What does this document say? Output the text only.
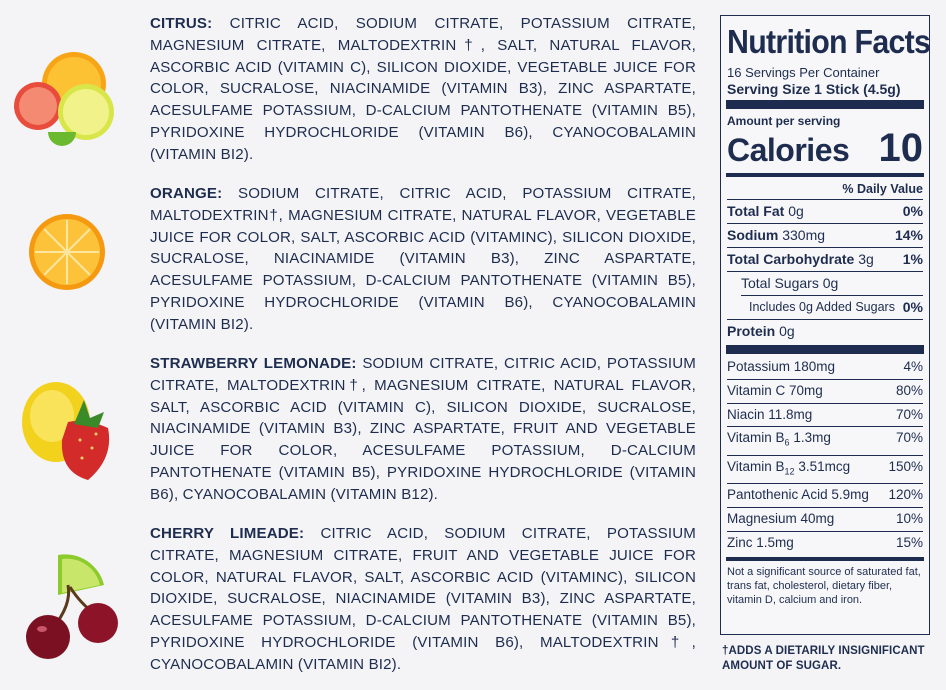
CITRUS: CITRIC ACID, SODIUM CITRATE, POTASSIUM CITRATE, MAGNESIUM CITRATE, MALTODEXTRIN†, SALT, NATURAL FLAVOR, ASCORBIC ACID (VITAMIN C), SILICON DIOXIDE, VEGETABLE JUICE FOR COLOR, SUCRALOSE, NIACINAMIDE (VITAMIN B3), ZINC ASPARTATE, ACESULFAME POTASSIUM, D-CALCIUM PANTOTHENATE (VITAMIN B5), PYRIDOXINE HYDROCHLORIDE (VITAMIN B6), CYANOCOBALAMIN (VITAMIN BI2).
ORANGE: SODIUM CITRATE, CITRIC ACID, POTASSIUM CITRATE, MALTODEXTRIN†, MAGNESIUM CITRATE, NATURAL FLAVOR, VEGETABLE JUICE FOR COLOR, SALT, ASCORBIC ACID (VITAMINC), SILICON DIOXIDE, SUCRALOSE, NIACINAMIDE (VITAMIN B3), ZINC ASPARTATE, ACESULFAME POTASSIUM, D-CALCIUM PANTOTHENATE (VITAMIN B5), PYRIDOXINE HYDROCHLORIDE (VITAMIN B6), CYANOCOBALAMIN (VITAMIN BI2).
STRAWBERRY LEMONADE: SODIUM CITRATE, CITRIC ACID, POTASSIUM CITRATE, MALTODEXTRIN†, MAGNESIUM CITRATE, NATURAL FLAVOR, SALT, ASCORBIC ACID (VITAMIN C), SILICON DIOXIDE, SUCRALOSE, NIACINAMIDE (VITAMIN B3), ZINC ASPARTATE, FRUIT AND VEGETABLE JUICE FOR COLOR, ACESULFAME POTASSIUM, D-CALCIUM PANTOTHENATE (VITAMIN B5), PYRIDOXINE HYDROCHLORIDE (VITAMIN B6), CYANOCOBALAMIN (VITAMIN B12).
CHERRY LIMEADE: CITRIC ACID, SODIUM CITRATE, POTASSIUM CITRATE, MAGNESIUM CITRATE, FRUIT AND VEGETABLE JUICE FOR COLOR, NATURAL FLAVOR, SALT, ASCORBIC ACID (VITAMINC), SILICON DIOXIDE, SUCRALOSE, NIACINAMIDE (VITAMIN B3), ZINC ASPARTATE, ACESULFAME POTASSIUM, D-CALCIUM PANTOTHENATE (VITAMIN B5), PYRIDOXINE HYDROCHLORIDE (VITAMIN B6), MALTODEXTRIN†, CYANOCOBALAMIN (VITAMIN BI2).
Nutrition Facts
16 Servings Per Container
Serving Size 1 Stick (4.5g)
Amount per serving
Calories 10
% Daily Value
Total Fat 0g	0%
Sodium 330mg	14%
Total Carbohydrate 3g 1%
Total Sugars 0g
Includes 0g Added Sugars 0%
Protein 0g
Potassium 180mg	4%
Vitamin C 70mg	80%
Niacin 11.8mg	70%
Vitamin $B_6$ 1.3mg	70%
Vitamin $B_{12}$ 3.51mcg	150%
Pantothenic Acid 5.9mg 120%
Magnesium 40mg	10%
Zinc 1.5mg	15%
Not a significant source of saturated fat, trans fat, cholesterol, dietary fiber, vitamin D, calcium and iron.
†ADDS A DIETARILY INSIGNIFICANT AMOUNT OF SUGAR.
